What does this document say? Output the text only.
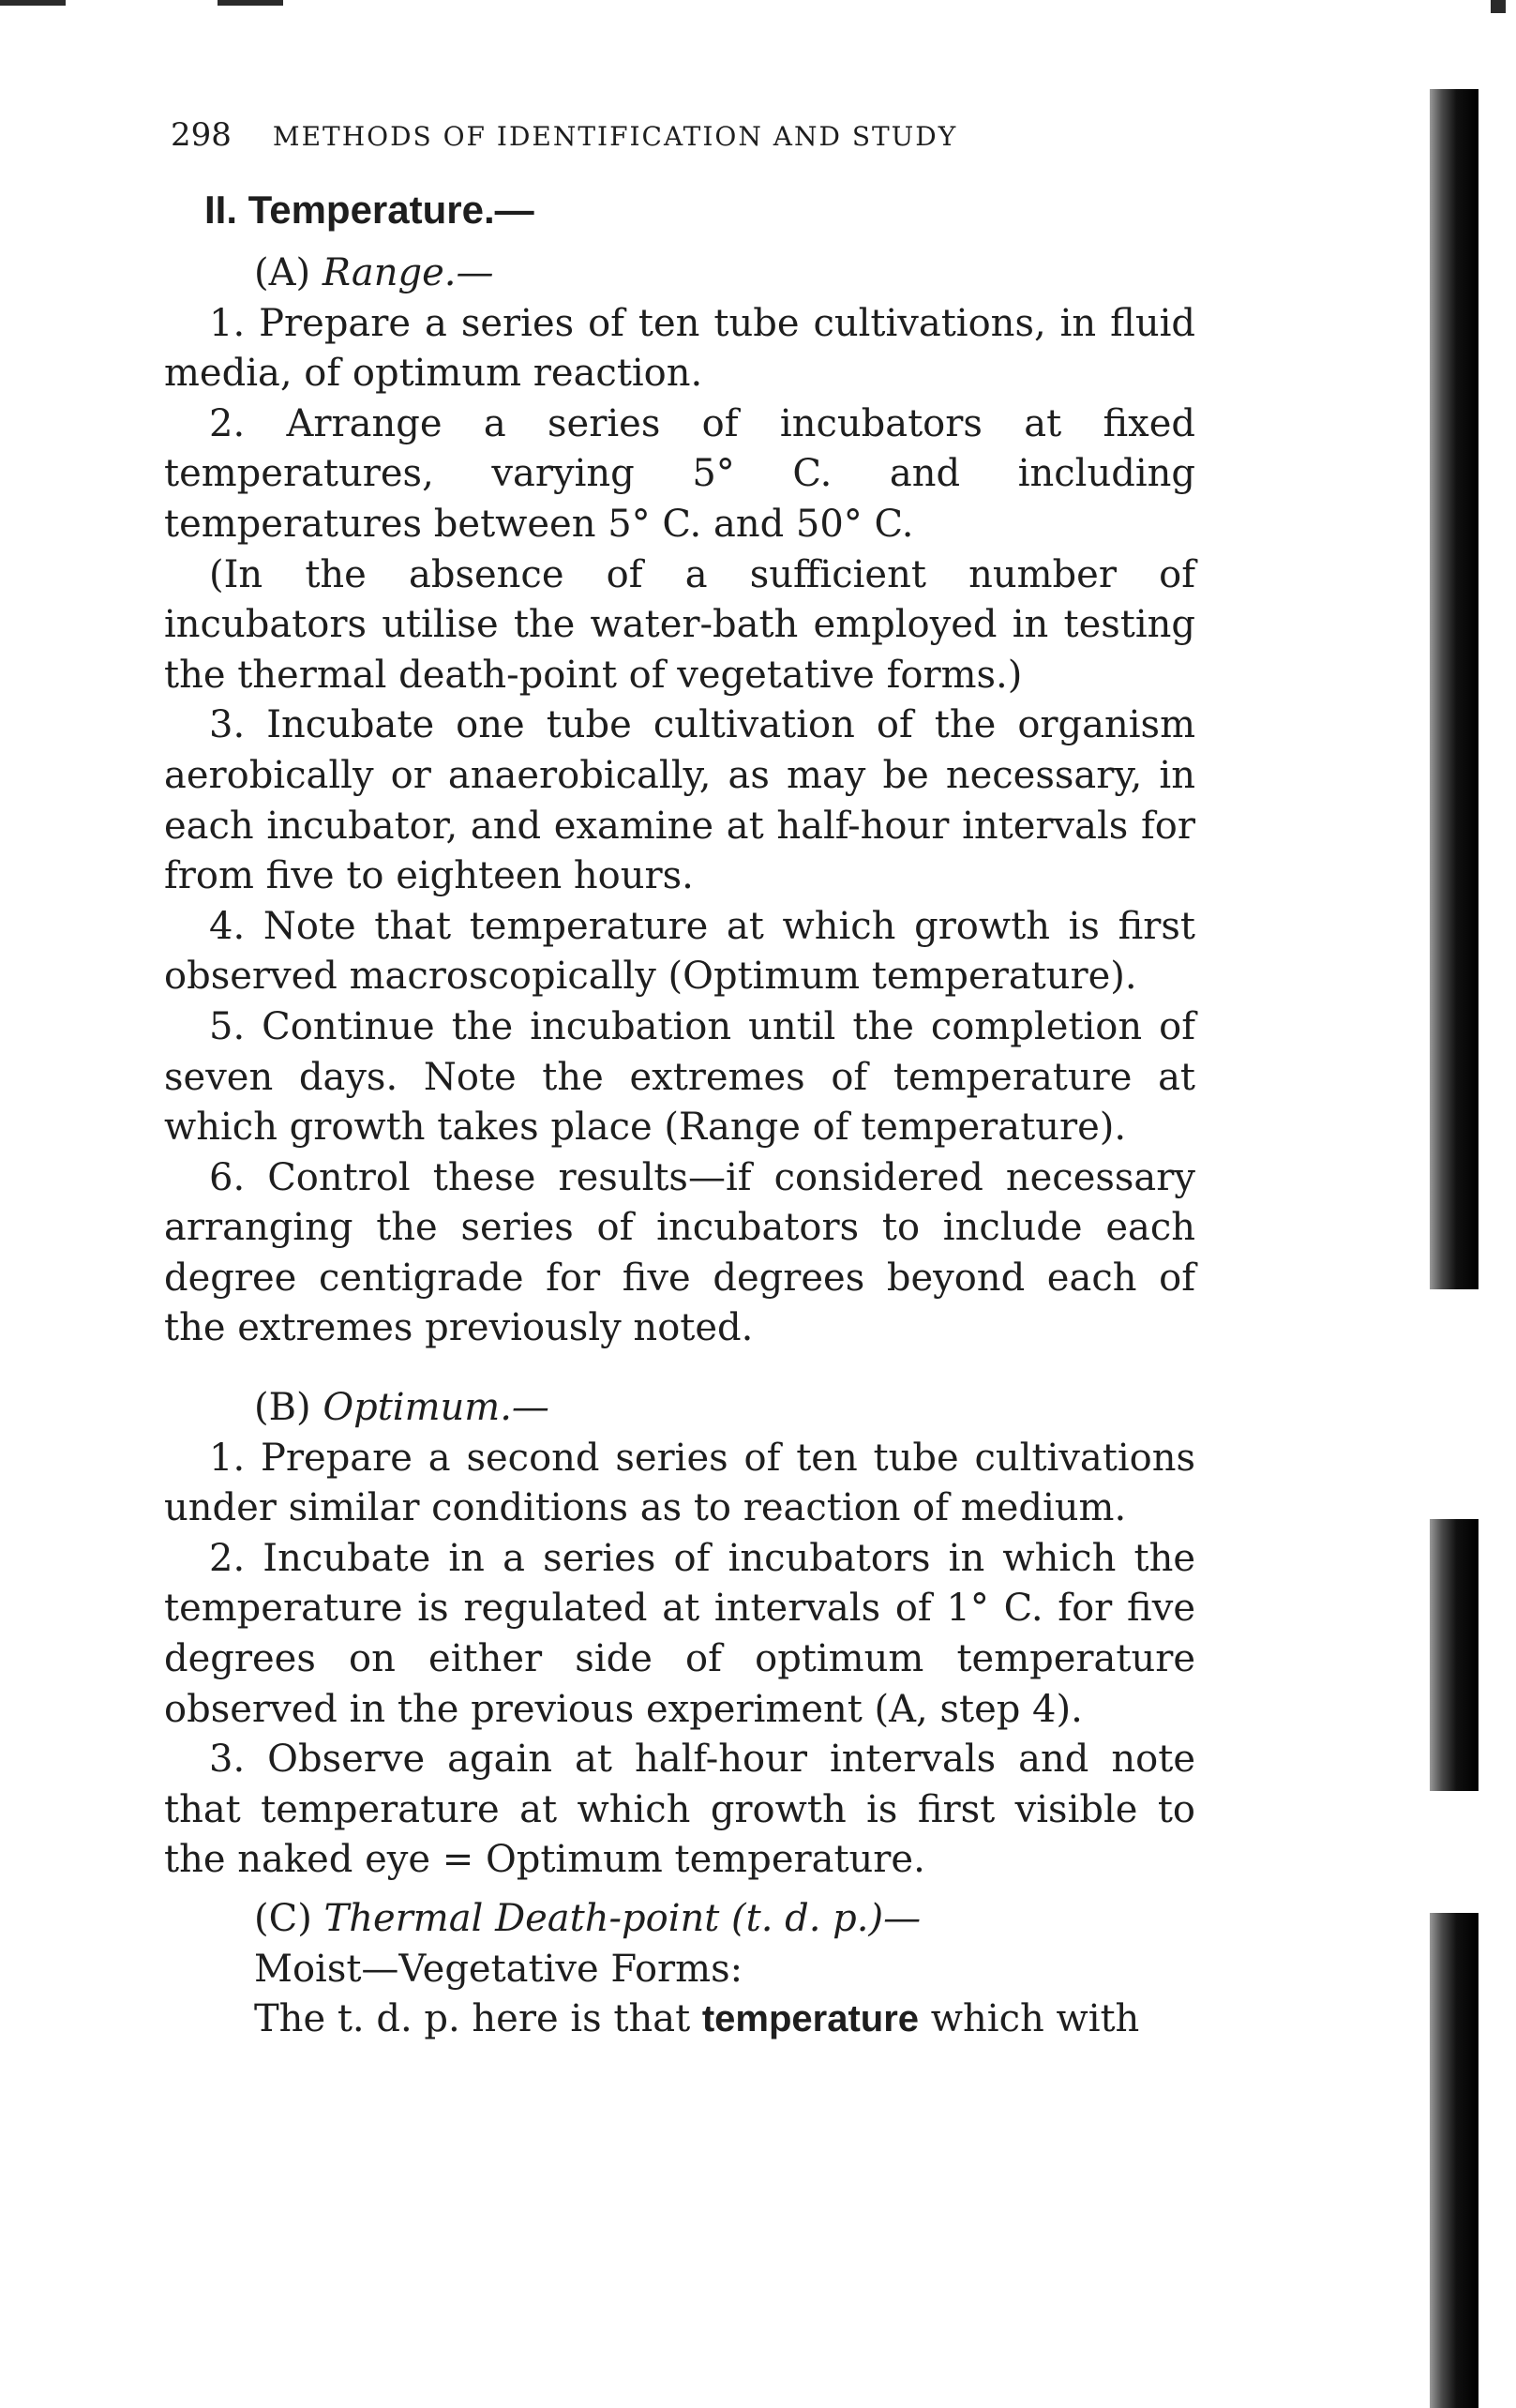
298 METHODS OF IDENTIFICATION AND STUDY
II. Temperature.—

(A) Range.—

1. Prepare a series of ten tube cultivations, in fluid media, of optimum reaction.

2. Arrange a series of incubators at fixed temperatures, varying 5° C. and including temperatures between 5° C. and 50° C.

(In the absence of a sufficient number of incubators utilise the water-bath employed in testing the thermal death-point of vegetative forms.)

3. Incubate one tube cultivation of the organism aerobically or anaerobically, as may be necessary, in each incubator, and examine at half-hour intervals for from five to eighteen hours.

4. Note that temperature at which growth is first observed macroscopically (Optimum temperature).

5. Continue the incubation until the completion of seven days. Note the extremes of temperature at which growth takes place (Range of temperature).

6. Control these results—if considered necessary arranging the series of incubators to include each degree centigrade for five degrees beyond each of the extremes previously noted.

(B) Optimum.—

1. Prepare a second series of ten tube cultivations under similar conditions as to reaction of medium.

2. Incubate in a series of incubators in which the temperature is regulated at intervals of 1° C. for five degrees on either side of optimum temperature observed in the previous experiment (A, step 4).

3. Observe again at half-hour intervals and note that temperature at which growth is first visible to the naked eye = Optimum temperature.

(C) Thermal Death-point (t. d. p.)—

Moist—Vegetative Forms:

The t. d. p. here is that temperature which with
